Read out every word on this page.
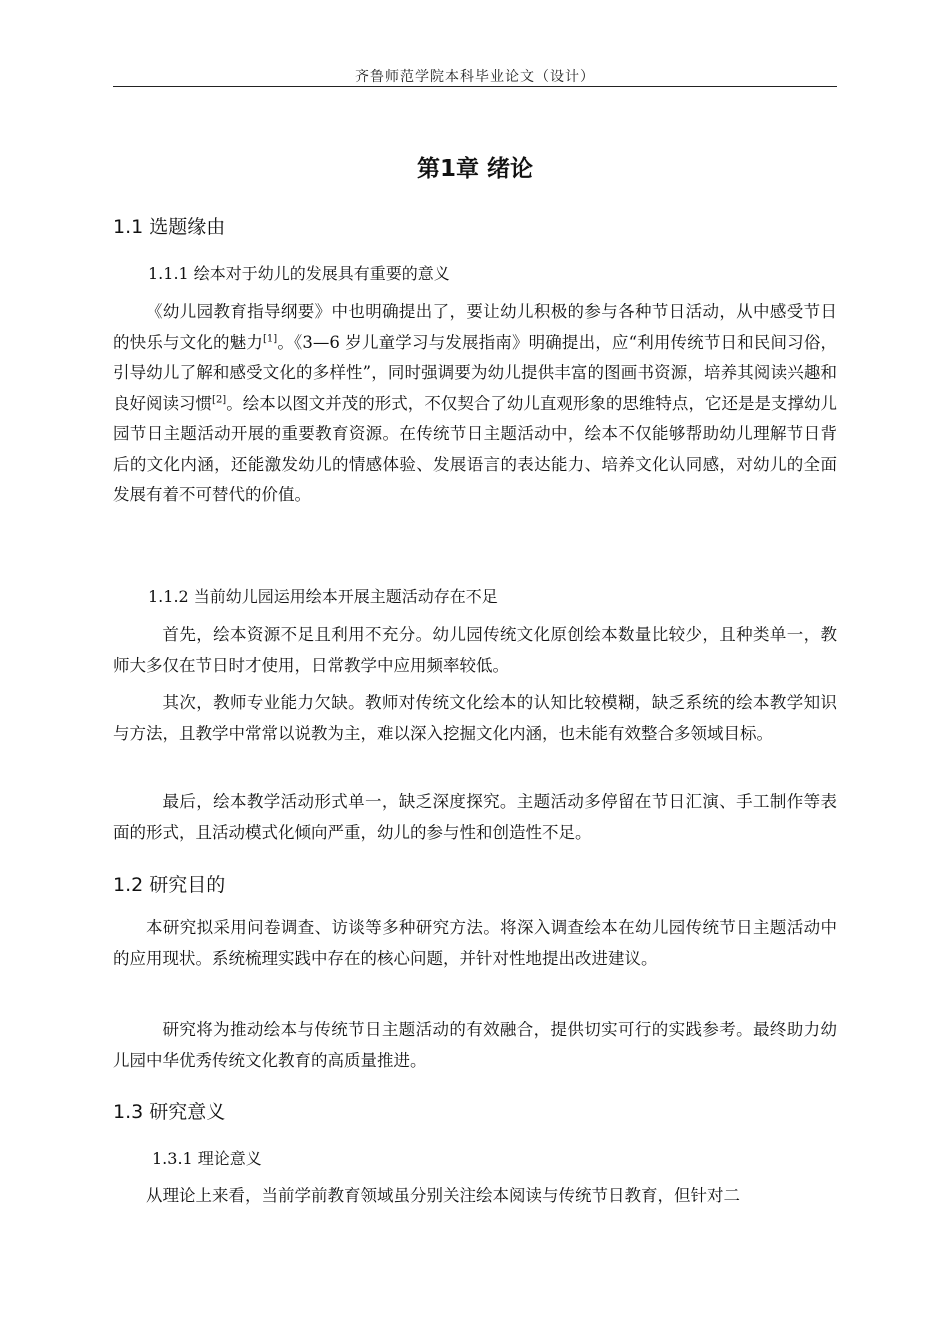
齐鲁师范学院本科毕业论文（设计）
第1章 绪论
1.1 选题缘由
1.1.1 绘本对于幼儿的发展具有重要的意义
《幼儿园教育指导纲要》中也明确提出了，要让幼儿积极的参与各种节日活动，从中感受节日的快乐与文化的魅力[1]。《3—6 岁儿童学习与发展指南》明确提出，应“利用传统节日和民间习俗，引导幼儿了解和感受文化的多样性”，同时强调要为幼儿提供丰富的图画书资源，培养其阅读兴趣和良好阅读习惯[2]。绘本以图文并茂的形式，不仅契合了幼儿直观形象的思维特点，它还是是支撑幼儿园节日主题活动开展的重要教育资源。在传统节日主题活动中，绘本不仅能够帮助幼儿理解节日背后的文化内涵，还能激发幼儿的情感体验、发展语言的表达能力、培养文化认同感，对幼儿的全面发展有着不可替代的价值。
1.1.2 当前幼儿园运用绘本开展主题活动存在不足
首先，绘本资源不足且利用不充分。幼儿园传统文化原创绘本数量比较少，且种类单一，教师大多仅在节日时才使用，日常教学中应用频率较低。
其次，教师专业能力欠缺。教师对传统文化绘本的认知比较模糊，缺乏系统的绘本教学知识与方法，且教学中常常以说教为主，难以深入挖掘文化内涵，也未能有效整合多领域目标。
最后，绘本教学活动形式单一，缺乏深度探究。主题活动多停留在节日汇演、手工制作等表面的形式，且活动模式化倾向严重，幼儿的参与性和创造性不足。
1.2 研究目的
本研究拟采用问卷调查、访谈等多种研究方法。将深入调查绘本在幼儿园传统节日主题活动中的应用现状。系统梳理实践中存在的核心问题，并针对性地提出改进建议。
研究将为推动绘本与传统节日主题活动的有效融合，提供切实可行的实践参考。最终助力幼儿园中华优秀传统文化教育的高质量推进。
1.3 研究意义
1.3.1 理论意义
从理论上来看，当前学前教育领域虽分别关注绘本阅读与传统节日教育，但针对二
